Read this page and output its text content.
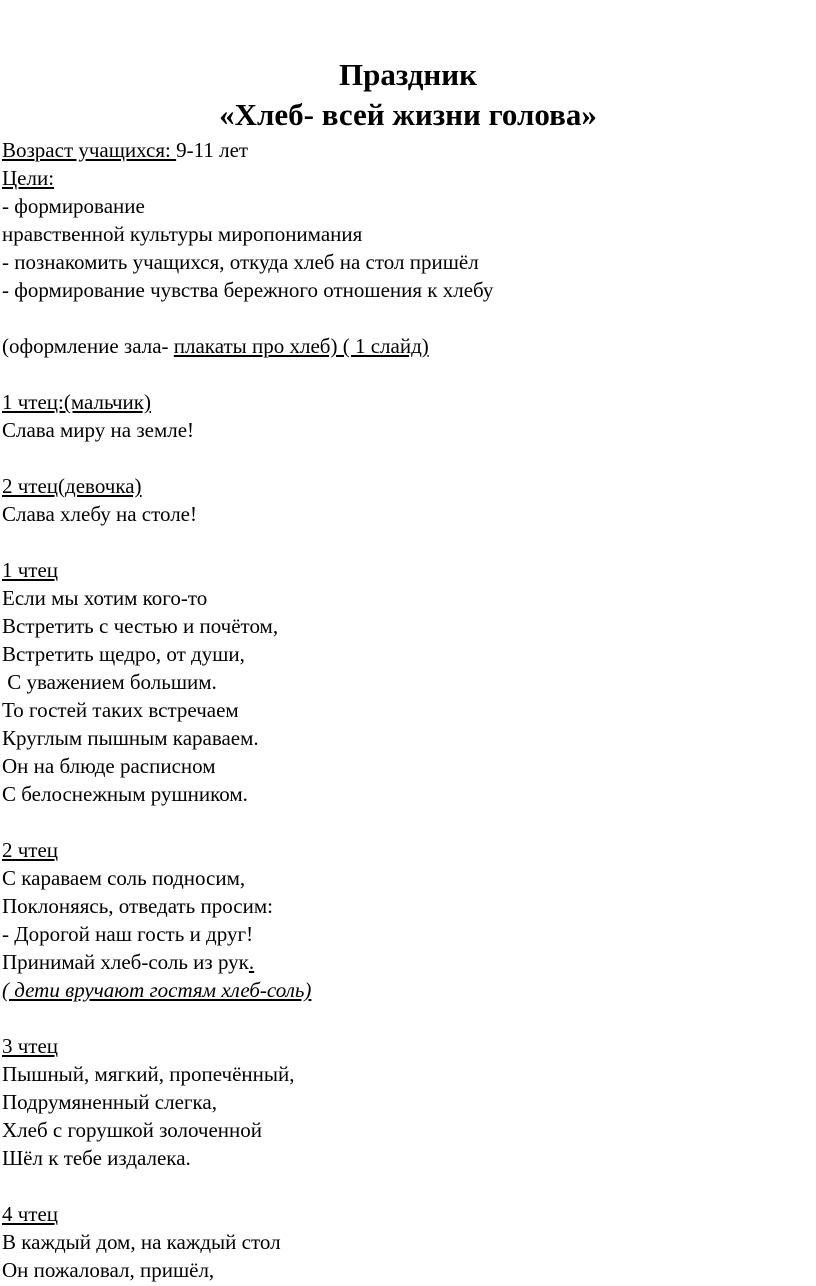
Праздник

«Хлеб- всей жизни голова»

Возраст учащихся: 9-11 лет

Цели:

- формирование

нравственной культуры миропонимания

- познакомить учащихся, откуда хлеб на стол пришёл

- формирование чувства бережного отношения к хлебу

(оформление зала- плакаты про хлеб) ( 1 слайд)

1 чтец:(мальчик)

Слава миру на земле!

2 чтец(девочка)

Слава хлебу на столе!

1 чтец

Если мы хотим кого-то

Встретить с честью и почётом,

Встретить щедро, от души,

С уважением большим.

То гостей таких встречаем

Круглым пышным караваем.

Он на блюде расписном

С белоснежным рушником.

2 чтец

С караваем соль подносим,

Поклоняясь, отведать просим:

- Дорогой наш гость и друг!

Принимай хлеб-соль из рук.

( дети вручают гостям хлеб-соль)

3 чтец

Пышный, мягкий, пропечённый,

Подрумяненный слегка,

Хлеб с горушкой золоченной

Шёл к тебе издалека.

4 чтец

В каждый дом, на каждый стол

Он пожаловал, пришёл,
